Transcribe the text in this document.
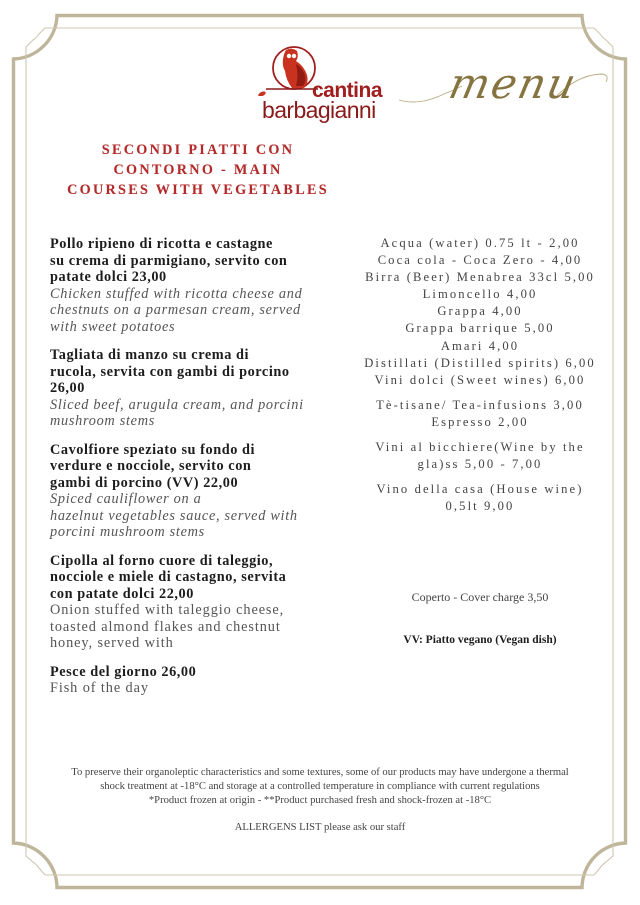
cantina
barbagianni
menu
SECONDI PIATTI CON
CONTORNO - MAIN
COURSES WITH VEGETABLES
Pollo ripieno di ricotta e castagne
su crema di parmigiano, servito con
patate dolci 23,00
Chicken stuffed with ricotta cheese and
chestnuts on a parmesan cream, served
with sweet potatoes
Tagliata di manzo su crema di
rucola, servita con gambi di porcino
26,00
Sliced beef, arugula cream, and porcini
mushroom stems
Cavolfiore speziato su fondo di
verdure e nocciole, servito con
gambi di porcino (VV) 22,00
Spiced cauliflower on a
hazelnut vegetables sauce, served with
porcini mushroom stems
Cipolla al forno cuore di taleggio,
nocciole e miele di castagno, servita
con patate dolci 22,00
Onion stuffed with taleggio cheese,
toasted almond flakes and chestnut
honey, served with
Pesce del giorno 26,00
Fish of the day
Acqua (water) 0.75 lt - 2,00
Coca cola - Coca Zero - 4,00
Birra (Beer) Menabrea 33cl 5,00
Limoncello 4,00
Grappa 4,00
Grappa barrique 5,00
Amari 4,00
Distillati (Distilled spirits) 6,00
Vini dolci (Sweet wines) 6,00
Tè-tisane/ Tea-infusions 3,00
Espresso 2,00
Vini al bicchiere(Wine by the
gla)ss 5,00 - 7,00
Vino della casa (House wine)
0,5lt 9,00
Coperto - Cover charge 3,50
VV: Piatto vegano (Vegan dish)
To preserve their organoleptic characteristics and some textures, some of our products may have undergone a thermal
shock treatment at -18°C and storage at a controlled temperature in compliance with current regulations
*Product frozen at origin - **Product purchased fresh and shock-frozen at -18°C
ALLERGENS LIST please ask our staff
